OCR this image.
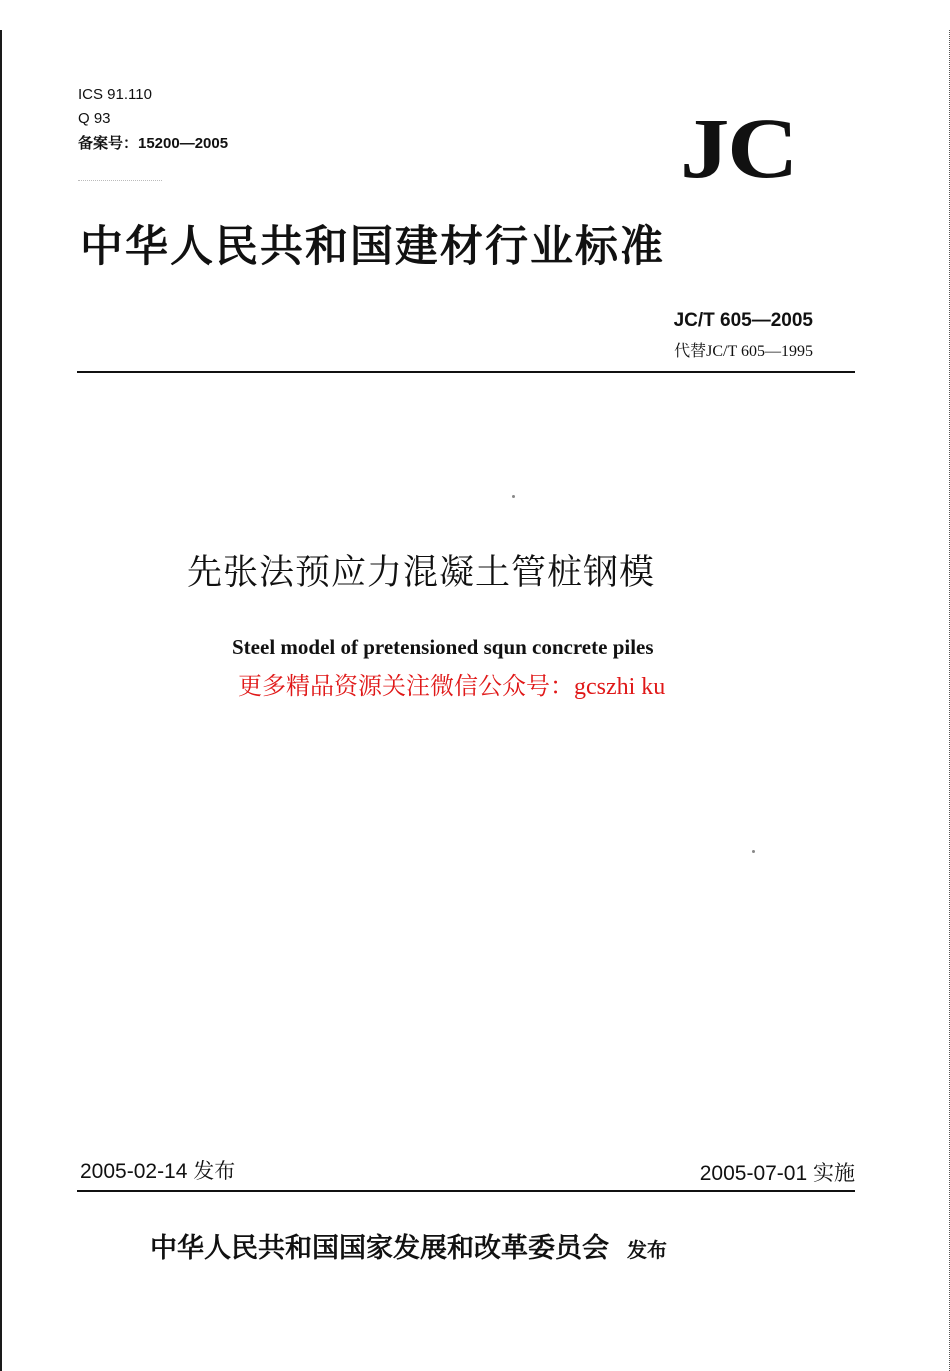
ICS 91.110
Q 93
备案号：15200—2005	JC
中华人民共和国建材行业标准
JC/T 605—2005
代替JC/T 605—1995
先张法预应力混凝土管桩钢模
Steel model of pretensioned squn concrete piles
更多精品资源关注微信公众号：gcszhi ku
2005-02-14 发布	2005-07-01 实施
中华人民共和国国家发展和改革委员会 发布
